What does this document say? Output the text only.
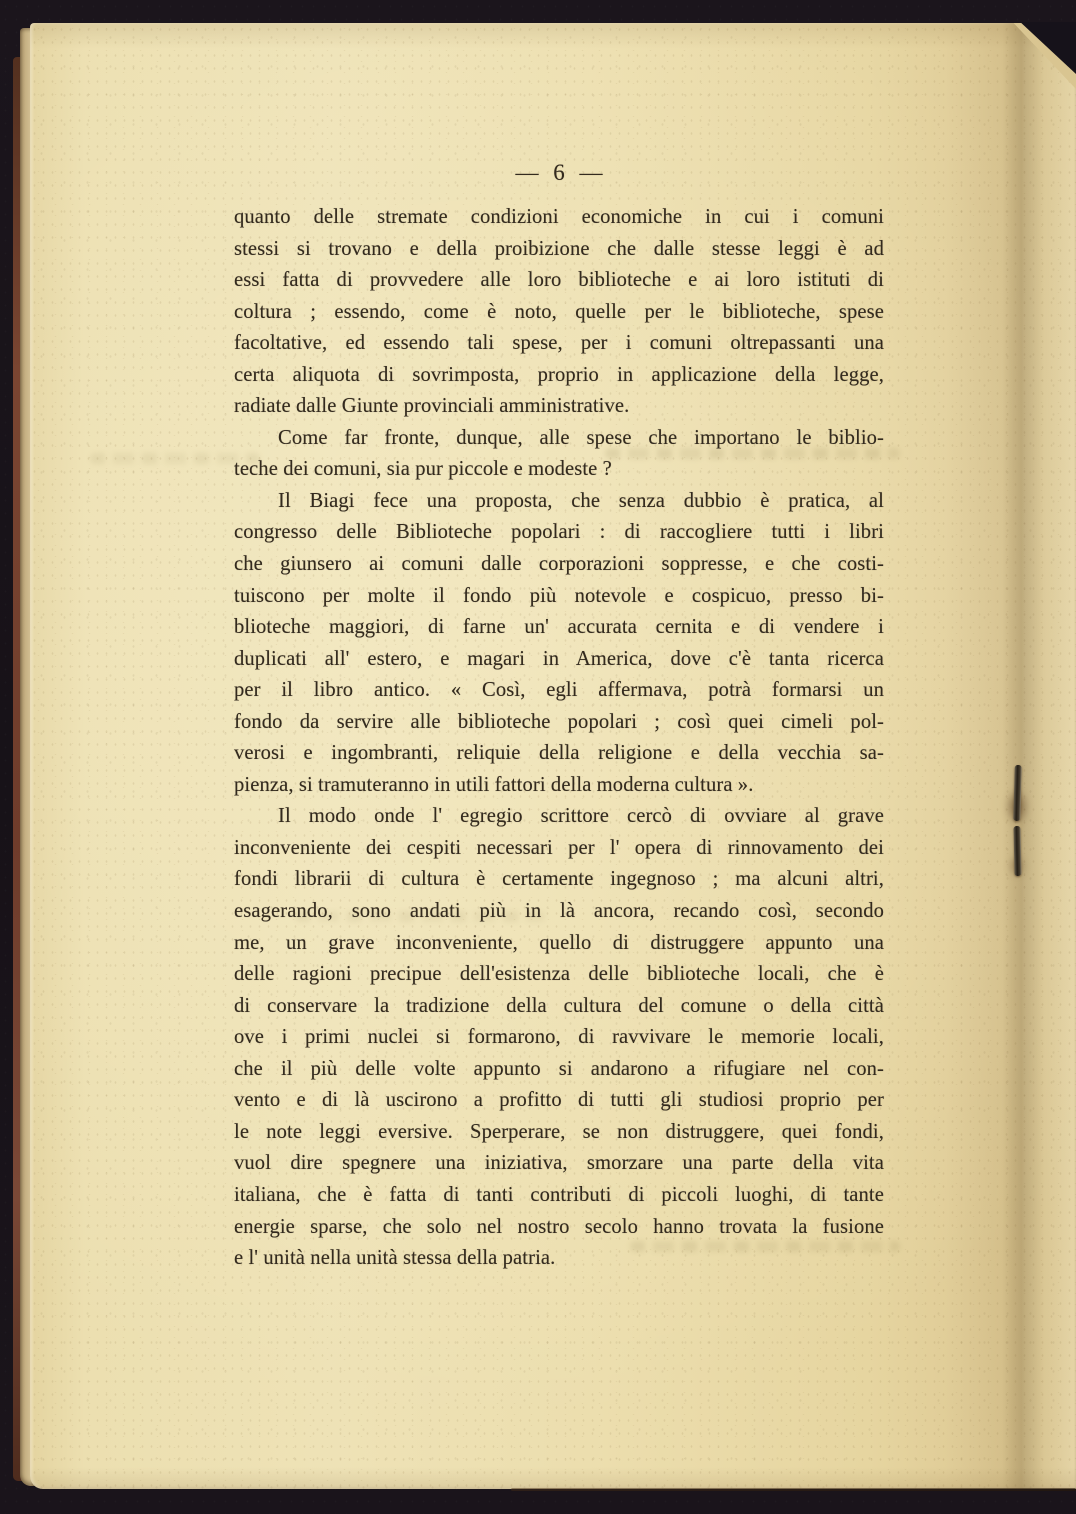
— 6 —
quanto delle stremate condizioni economiche in cui i comuni
stessi si trovano e della proibizione che dalle stesse leggi è ad
essi fatta di provvedere alle loro biblioteche e ai loro istituti di
coltura ; essendo, come è noto, quelle per le biblioteche, spese
facoltative, ed essendo tali spese, per i comuni oltrepassanti una
certa aliquota di sovrimposta, proprio in applicazione della legge,
radiate dalle Giunte provinciali amministrative.
Come far fronte, dunque, alle spese che importano le biblio-
teche dei comuni, sia pur piccole e modeste ?
Il Biagi fece una proposta, che senza dubbio è pratica, al
congresso delle Biblioteche popolari : di raccogliere tutti i libri
che giunsero ai comuni dalle corporazioni soppresse, e che costi-
tuiscono per molte il fondo più notevole e cospicuo, presso bi-
blioteche maggiori, di farne un' accurata cernita e di vendere i
duplicati all' estero, e magari in America, dove c'è tanta ricerca
per il libro antico. « Così, egli affermava, potrà formarsi un
fondo da servire alle biblioteche popolari ; così quei cimeli pol-
verosi e ingombranti, reliquie della religione e della vecchia sa-
pienza, si tramuteranno in utili fattori della moderna cultura ».
Il modo onde l' egregio scrittore cercò di ovviare al grave
inconveniente dei cespiti necessari per l' opera di rinnovamento dei
fondi librarii di cultura è certamente ingegnoso ; ma alcuni altri,
esagerando, sono andati più in là ancora, recando così, secondo
me, un grave inconveniente, quello di distruggere appunto una
delle ragioni precipue dell'esistenza delle biblioteche locali, che è
di conservare la tradizione della cultura del comune o della città
ove i primi nuclei si formarono, di ravvivare le memorie locali,
che il più delle volte appunto si andarono a rifugiare nel con-
vento e di là uscirono a profitto di tutti gli studiosi proprio per
le note leggi eversive. Sperperare, se non distruggere, quei fondi,
vuol dire spegnere una iniziativa, smorzare una parte della vita
italiana, che è fatta di tanti contributi di piccoli luoghi, di tante
energie sparse, che solo nel nostro secolo hanno trovata la fusione
e l' unità nella unità stessa della patria.
